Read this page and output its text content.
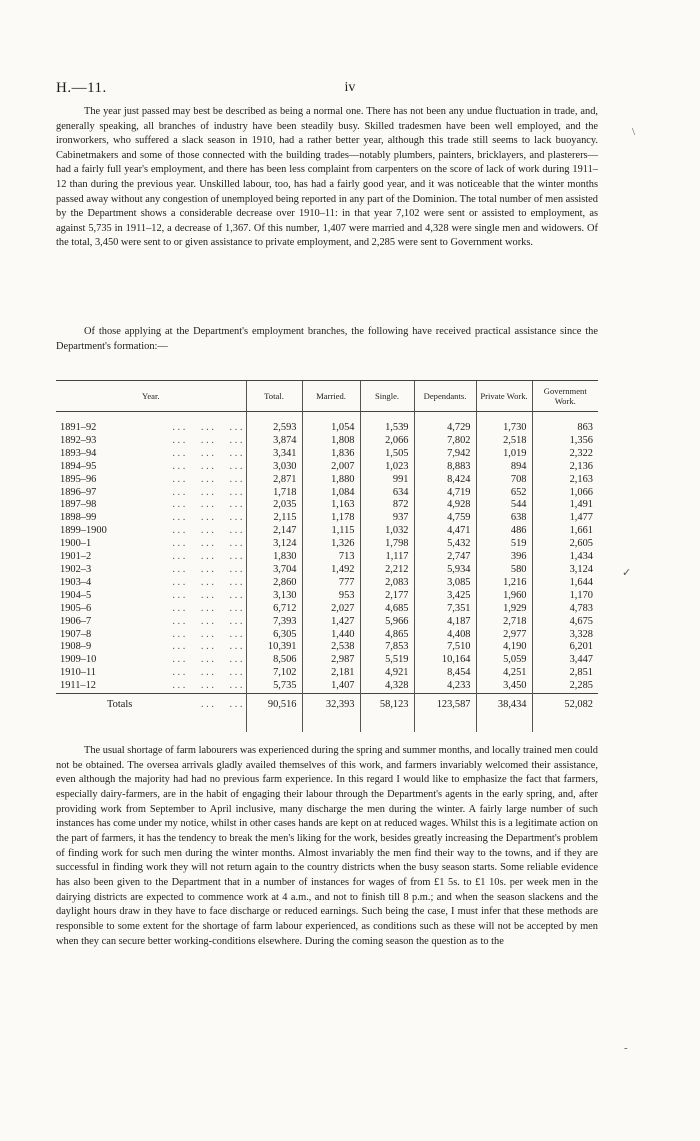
H.—11.	iv

The year just passed may best be described as being a normal one. There has not been any undue fluctuation in trade, and, generally speaking, all branches of industry have been steadily busy. Skilled tradesmen have been well employed, and the ironworkers, who suffered a slack season in 1910, had a rather better year, although this trade still seems to lack buoyancy. Cabinetmakers and some of those connected with the building trades—notably plumbers, painters, bricklayers, and plasterers—had a fairly full year's employment, and there has been less complaint from carpenters on the score of lack of work during 1911–12 than during the previous year. Unskilled labour, too, has had a fairly good year, and it was noticeable that the winter months passed away without any congestion of unemployed being reported in any part of the Dominion. The total number of men assisted by the Department shows a considerable decrease over 1910–11: in that year 7,102 were sent or assisted to employment, as against 5,735 in 1911–12, a decrease of 1,367. Of this number, 1,407 were married and 4,328 were single men and widowers. Of the total, 3,450 were sent to or given assistance to private employment, and 2,285 were sent to Government works.

Of those applying at the Department's employment branches, the following have received practical assistance since the Department's formation:—

Year.	Total.	Married.	Single.	Dependants.	Private Work.	Government Work.

1891–92 . . .      . . .      . . .	2,593	1,054	1,539	4,729	1,730	863

1892–93 . . .      . . .      . . .	3,874	1,808	2,066	7,802	2,518	1,356

1893–94 . . .      . . .      . . .	3,341	1,836	1,505	7,942	1,019	2,322

1894–95 . . .      . . .      . . .	3,030	2,007	1,023	8,883	894	2,136

1895–96 . . .      . . .      . . .	2,871	1,880	991	8,424	708	2,163

1896–97 . . .      . . .      . . .	1,718	1,084	634	4,719	652	1,066

1897–98 . . .      . . .      . . .	2,035	1,163	872	4,928	544	1,491

1898–99 . . .      . . .      . . .	2,115	1,178	937	4,759	638	1,477

1899–1900 . . .      . . .      . . .	2,147	1,115	1,032	4,471	486	1,661

1900–1 . . .      . . .      . . .	3,124	1,326	1,798	5,432	519	2,605

1901–2 . . .      . . .      . . .	1,830	713	1,117	2,747	396	1,434

1902–3 . . .      . . .      . . .	3,704	1,492	2,212	5,934	580	3,124

1903–4 . . .      . . .      . . .	2,860	777	2,083	3,085	1,216	1,644

1904–5 . . .      . . .      . . .	3,130	953	2,177	3,425	1,960	1,170

1905–6 . . .      . . .      . . .	6,712	2,027	4,685	7,351	1,929	4,783

1906–7 . . .      . . .      . . .	7,393	1,427	5,966	4,187	2,718	4,675

1907–8 . . .      . . .      . . .	6,305	1,440	4,865	4,408	2,977	3,328

1908–9 . . .      . . .      . . .	10,391	2,538	7,853	7,510	4,190	6,201

1909–10 . . .      . . .      . . .	8,506	2,987	5,519	10,164	5,059	3,447

1910–11 . . .      . . .      . . .	7,102	2,181	4,921	8,454	4,251	2,851

1911–12 . . .      . . .      . . .	5,735	1,407	4,328	4,233	3,450	2,285
Totals . . .      . . .	90,516	32,393	58,123	123,587	38,434	52,082

The usual shortage of farm labourers was experienced during the spring and summer months, and locally trained men could not be obtained. The oversea arrivals gladly availed themselves of this work, and farmers invariably welcomed their assistance, even although the majority had had no previous farm experience. In this regard I would like to emphasize the fact that farmers, especially dairy-farmers, are in the habit of engaging their labour through the Department's agents in the early spring, and, after providing work from September to April inclusive, many discharge the men during the winter. A fairly large number of such instances has come under my notice, whilst in other cases hands are kept on at reduced wages. Whilst this is a legitimate action on the part of farmers, it has the tendency to break the men's liking for the work, besides greatly increasing the Department's problem of finding work for such men during the winter months. Almost invariably the men find their way to the towns, and if they are successful in finding work they will not return again to the country districts when the busy season starts. Some reliable evidence has also been given to the Department that in a number of instances for wages of from £1 5s. to £1 10s. per week men in the dairying districts are expected to commence work at 4 a.m., and not to finish till 8 p.m.; and when the season slackens and the daylight hours draw in they have to face discharge or reduced earnings. Such being the case, I must infer that these methods are responsible to some extent for the shortage of farm labour experienced, as conditions such as these will not be accepted by men when they can secure better working-conditions elsewhere. During the coming season the question as to the

\
✓
-
